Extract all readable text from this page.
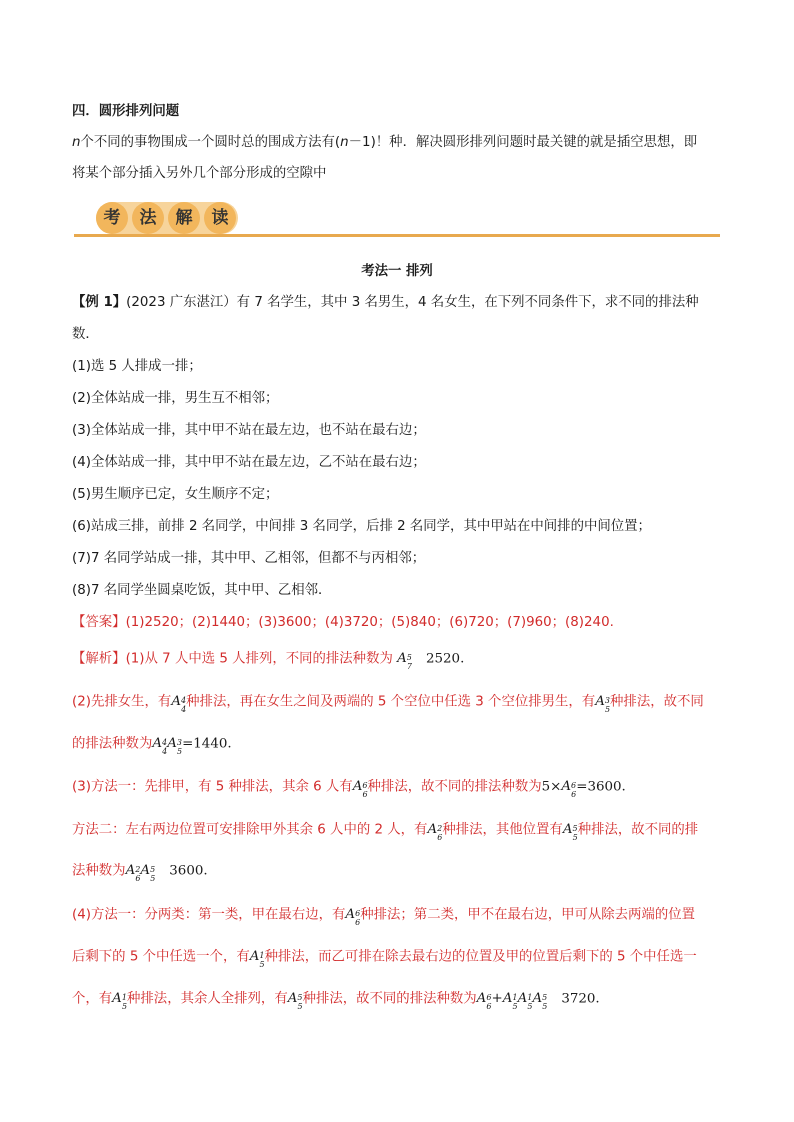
四．圆形排列问题
n个不同的事物围成一个圆时总的围成方法有(n－1)！种．解决圆形排列问题时最关键的就是插空思想，即
将某个部分插入另外几个部分形成的空隙中
考	法	解	读
考法一 排列
【例 1】(2023 广东湛江）有 7 名学生，其中 3 名男生，4 名女生，在下列不同条件下，求不同的排法种
数．
(1)选 5 人排成一排；
(2)全体站成一排，男生互不相邻；
(3)全体站成一排，其中甲不站在最左边，也不站在最右边；
(4)全体站成一排，其中甲不站在最左边，乙不站在最右边；
(5)男生顺序已定，女生顺序不定；
(6)站成三排，前排 2 名同学，中间排 3 名同学，后排 2 名同学，其中甲站在中间排的中间位置；
(7)7 名同学站成一排，其中甲、乙相邻，但都不与丙相邻；
(8)7 名同学坐圆桌吃饭，其中甲、乙相邻．
【答案】(1)2520；(2)1440；(3)3600；(4)3720；(5)840；(6)720；(7)960；(8)240.
【解析】(1)从 7 人中选 5 人排列，不同的排法种数为 $A^5_72520$.
(2)先排女生，有$A^4_4$种排法，再在女生之间及两端的 5 个空位中任选 3 个空位排男生，有$A^3_5$种排法，故不同
的排法种数为$A^4_4A^3_5=1440$.
(3)方法一：先排甲，有 5 种排法，其余 6 人有$A^6_6$种排法，故不同的排法种数为$5\times A^6_6=3600$.
方法二：左右两边位置可安排除甲外其余 6 人中的 2 人，有$A^2_6$种排法，其他位置有$A^5_5$种排法，故不同的排
法种数为$A^2_6A^5_53600$.
(4)方法一：分两类：第一类，甲在最右边，有$A^6_6$种排法；第二类，甲不在最右边，甲可从除去两端的位置
后剩下的 5 个中任选一个，有$A^1_5$种排法，而乙可排在除去最右边的位置及甲的位置后剩下的 5 个中任选一
个，有$A^1_5$种排法，其余人全排列，有$A^5_5$种排法，故不同的排法种数为$A^6_6+A^1_5A^1_5A^5_53720$.
